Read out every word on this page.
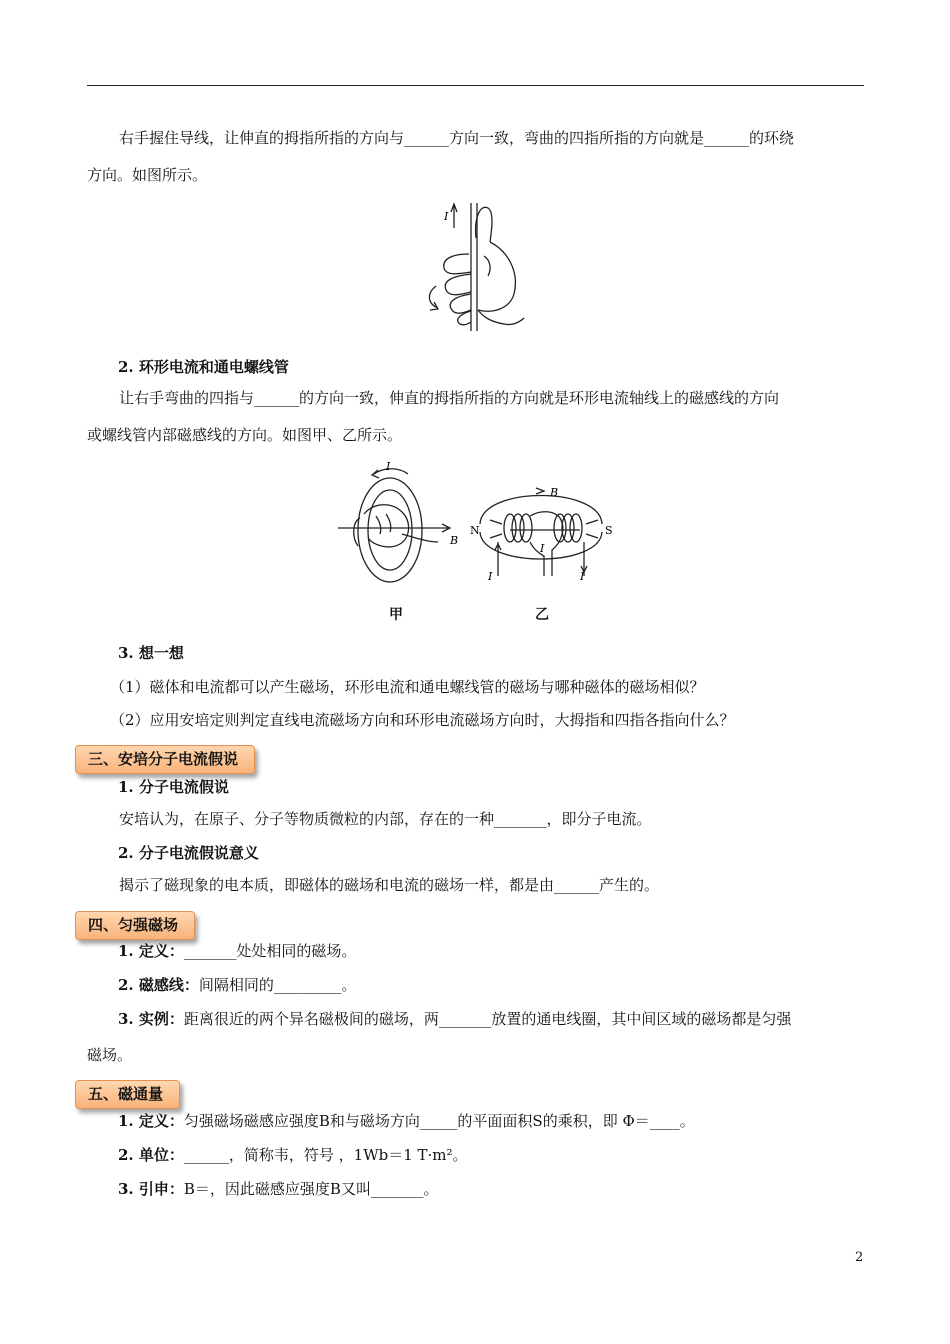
右手握住导线，让伸直的拇指所指的方向与______方向一致，弯曲的四指所指的方向就是______的环绕

方向。如图所示。

I

2. 环形电流和通电螺线管

让右手弯曲的四指与______的方向一致，伸直的拇指所指的方向就是环形电流轴线上的磁感线的方向

或螺线管内部磁感线的方向。如图甲、乙所示。

I
B
B
N	S
I
I	I
甲	乙

3. 想一想

（1）磁体和电流都可以产生磁场，环形电流和通电螺线管的磁场与哪种磁体的磁场相似？

（2）应用安培定则判定直线电流磁场方向和环形电流磁场方向时，大拇指和四指各指向什么？

三、安培分子电流假说

1. 分子电流假说

安培认为，在原子、分子等物质微粒的内部，存在的一种_______，即分子电流。

2. 分子电流假说意义

揭示了磁现象的电本质，即磁体的磁场和电流的磁场一样，都是由______产生的。

四、匀强磁场

1. 定义：_______处处相同的磁场。

2. 磁感线：间隔相同的_________。

3. 实例：距离很近的两个异名磁极间的磁场，两_______放置的通电线圈，其中间区域的磁场都是匀强

磁场。

五、磁通量

1. 定义：匀强磁场磁感应强度B和与磁场方向_____的平面面积S的乘积，即 Φ＝____。

2. 单位：______，简称韦，符号 ，1Wb＝1 T·m²。

3. 引申：B＝，因此磁感应强度B又叫_______。

2
